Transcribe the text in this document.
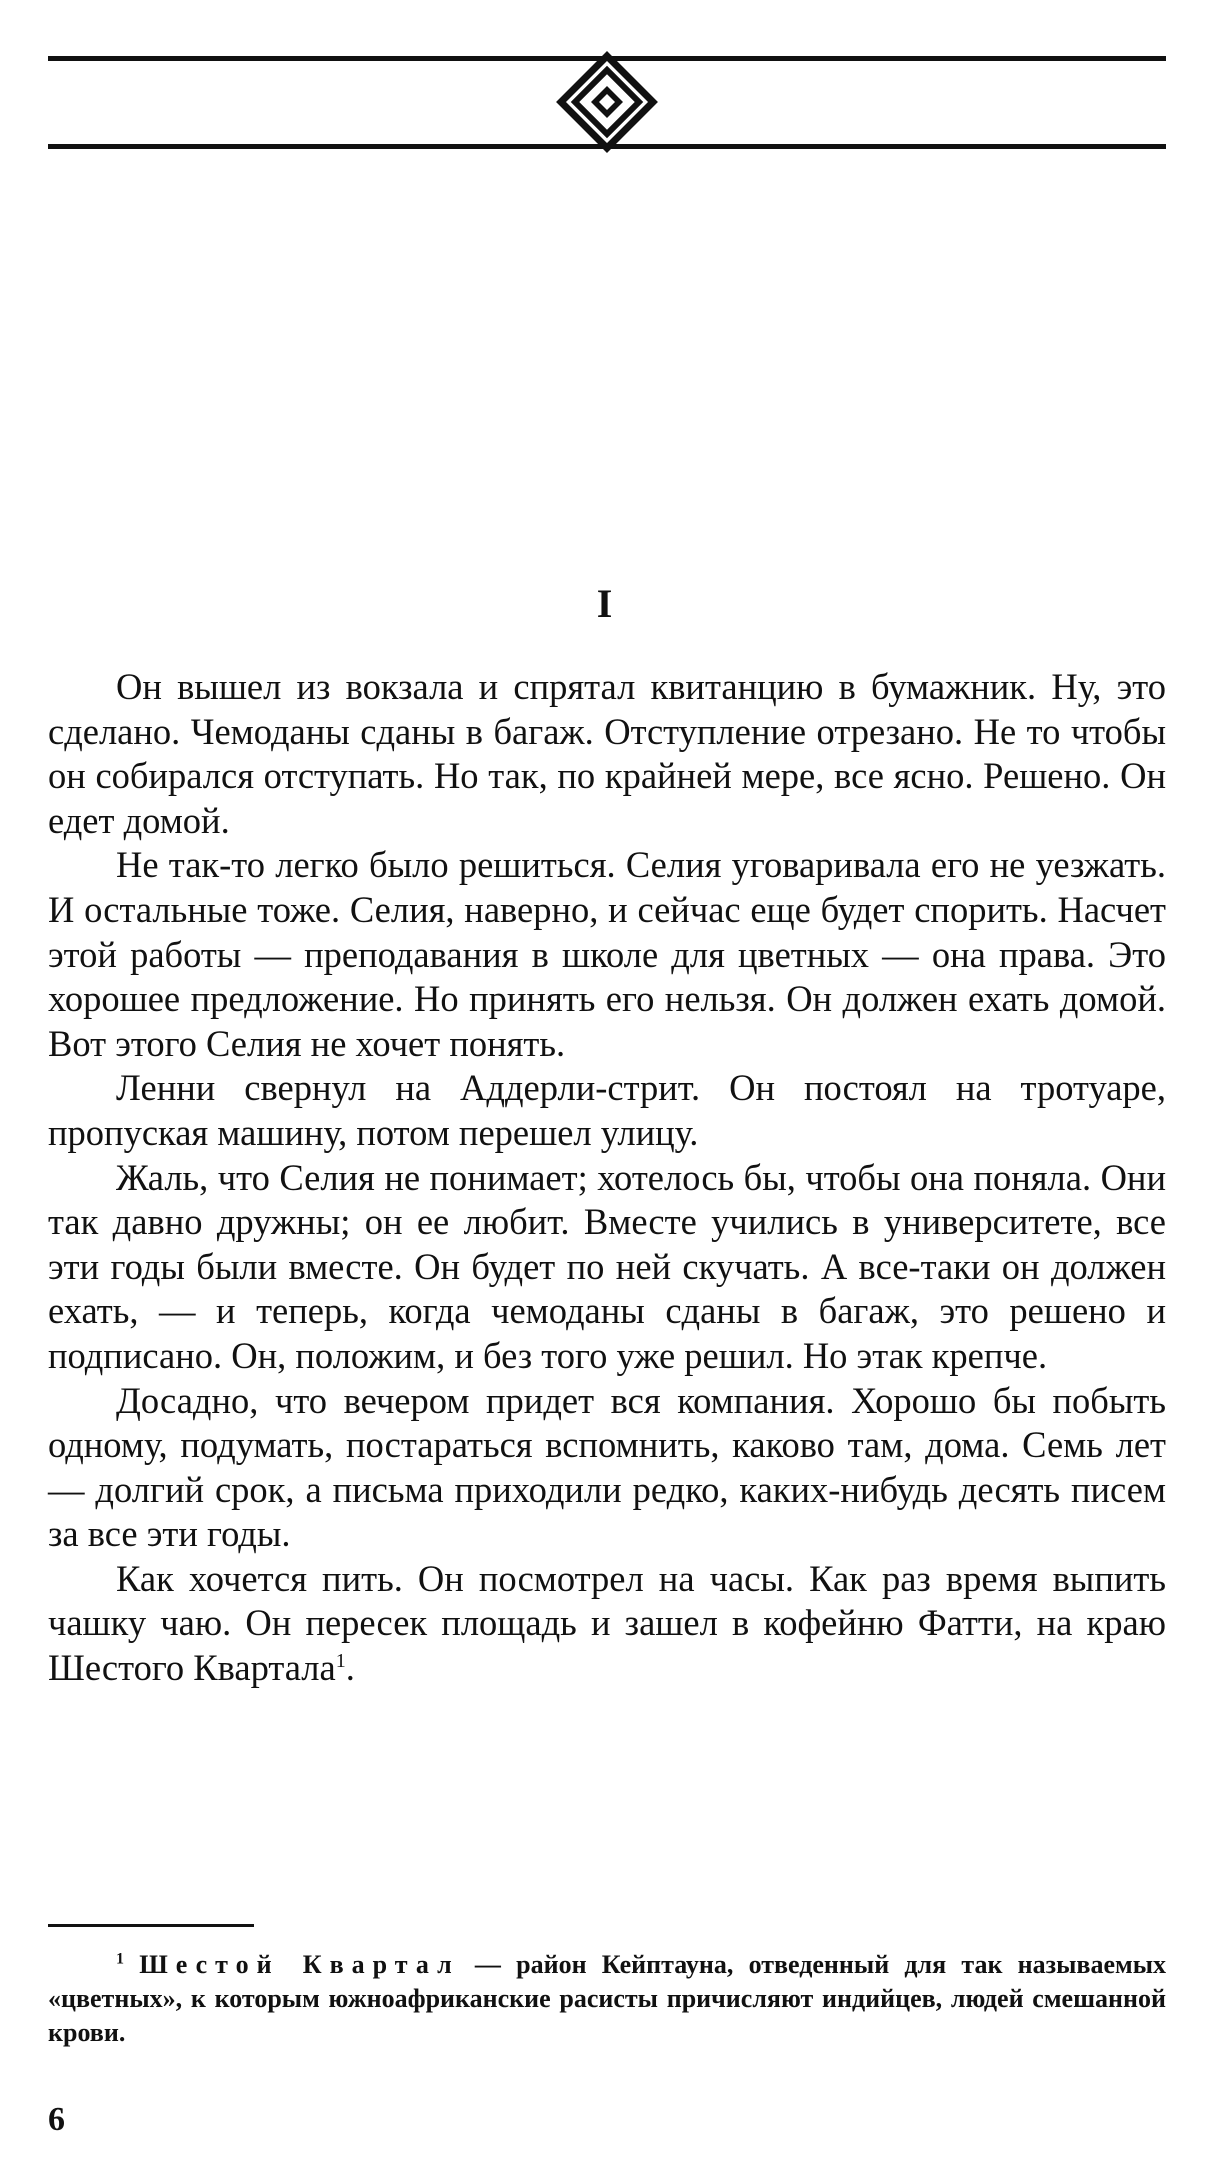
I

Он вышел из вокзала и спрятал квитанцию в бумажник. Ну, это сделано. Чемоданы сданы в багаж. Отступление отрезано. Не то чтобы он собирался отступать. Но так, по крайней мере, все ясно. Решено. Он едет домой.

Не так-то легко было решиться. Селия уговаривала его не уезжать. И остальные тоже. Селия, наверно, и сейчас еще будет спорить. Насчет этой работы — преподавания в школе для цветных — она права. Это хорошее предложение. Но принять его нельзя. Он должен ехать домой. Вот этого Селия не хочет понять.

Ленни свернул на Аддерли-стрит. Он постоял на тротуаре, пропуская машину, потом перешел улицу.

Жаль, что Селия не понимает; хотелось бы, чтобы она поняла. Они так давно дружны; он ее любит. Вместе учились в университете, все эти годы были вместе. Он будет по ней скучать. А все-таки он должен ехать, — и теперь, когда чемоданы сданы в багаж, это решено и подписано. Он, положим, и без того уже решил. Но этак крепче.

Досадно, что вечером придет вся компания. Хорошо бы побыть одному, подумать, постараться вспомнить, каково там, дома. Семь лет — долгий срок, а письма приходили редко, каких-нибудь десять писем за все эти годы.

Как хочется пить. Он посмотрел на часы. Как раз время выпить чашку чаю. Он пересек площадь и зашел в кофейню Фатти, на краю Шестого Квартала$^1$.

$^1$ Шестой Квартал — район Кейптауна, отведенный для так называемых «цветных», к которым южноафриканские расисты причисляют индийцев, людей смешанной крови.

6
